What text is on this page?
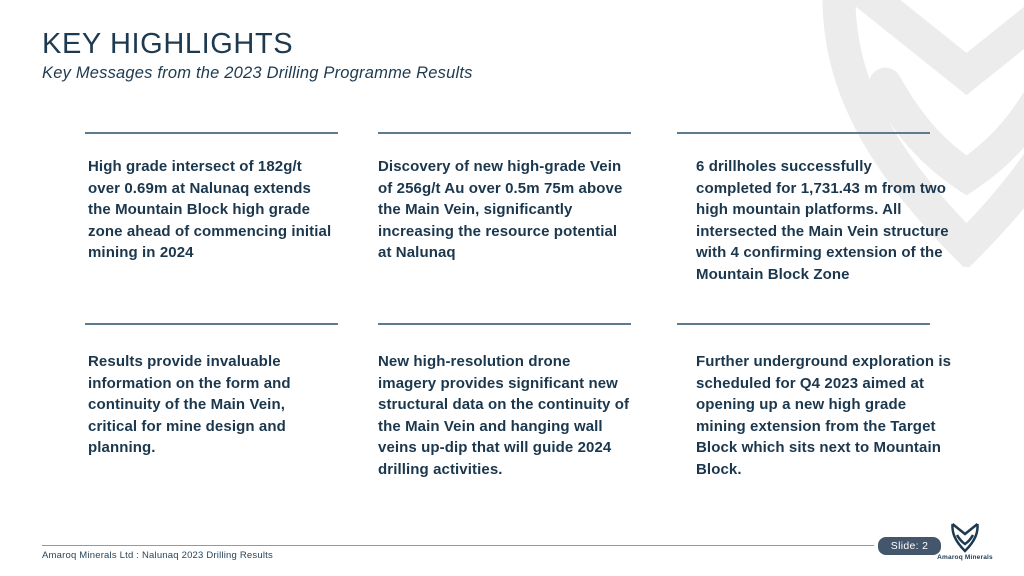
KEY HIGHLIGHTS
Key Messages from the 2023 Drilling Programme Results

High grade intersect of 182g/t over 0.69m at Nalunaq extends the Mountain Block high grade zone ahead of commencing initial mining in 2024

Discovery of new high-grade Vein of 256g/t Au over 0.5m 75m above the Main Vein, significantly increasing the resource potential at Nalunaq

6 drillholes successfully completed for 1,731.43 m from two high mountain platforms. All intersected the Main Vein structure with 4 confirming extension of the Mountain Block Zone

Results provide invaluable information on the form and continuity of the Main Vein, critical for mine design and planning.

New high-resolution drone imagery provides significant new structural data on the continuity of the Main Vein and hanging wall veins up-dip that will guide 2024 drilling activities.

Further underground exploration is scheduled for Q4 2023 aimed at opening up a new high grade mining extension from the Target Block which sits next to Mountain Block.

Amaroq Minerals Ltd : Nalunaq 2023 Drilling Results
Slide: 2
Amaroq Minerals
